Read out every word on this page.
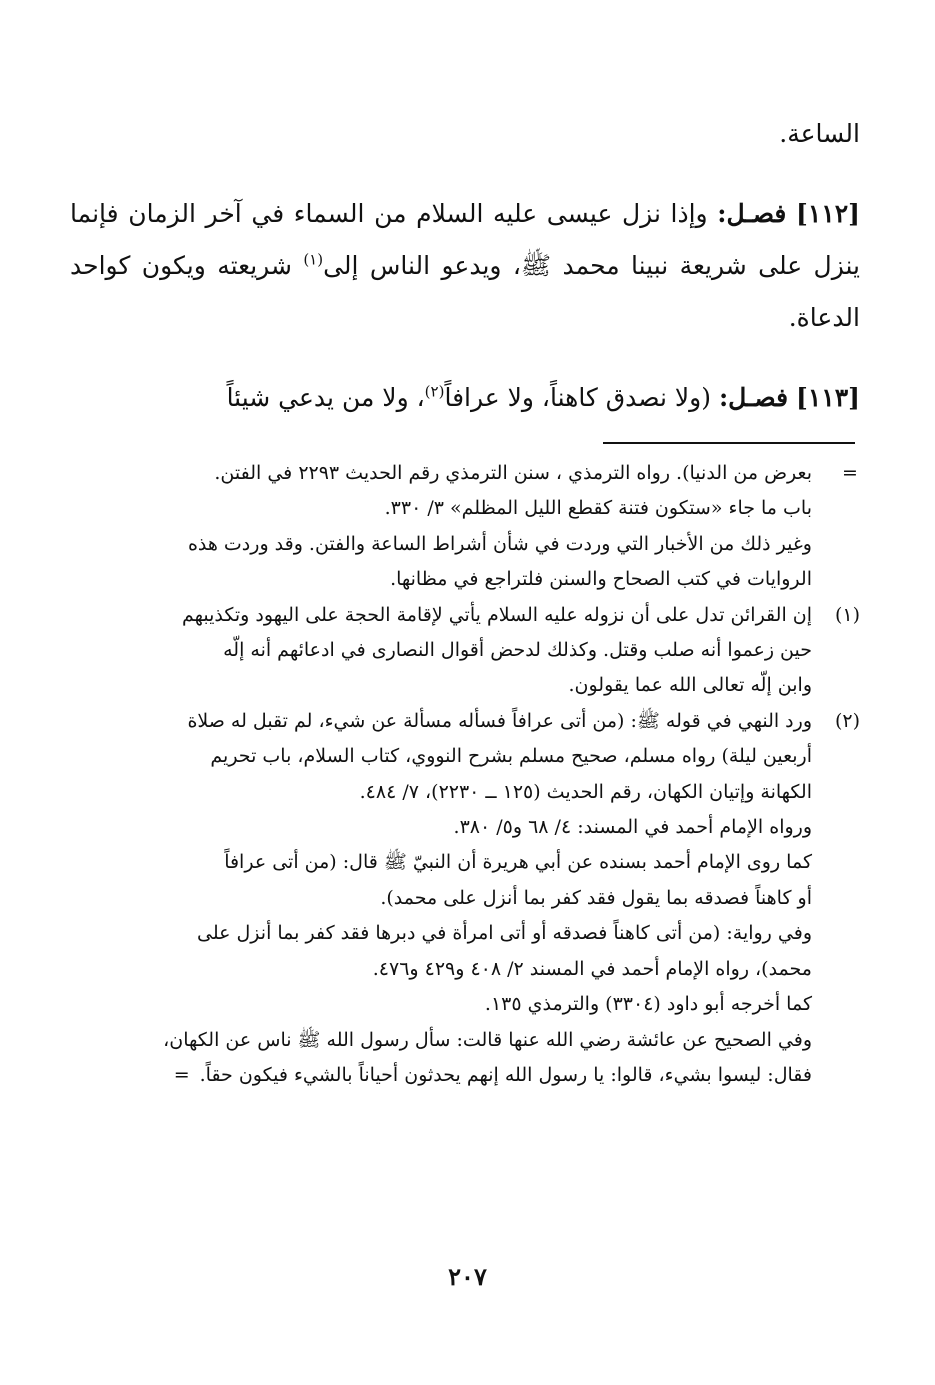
الساعة.
[١١٢] فصـل: وإذا نزل عيسى عليه السلام من السماء في آخر الزمان فإنما ينزل على شريعة نبينا محمد ﷺ، ويدعو الناس إلى$^{(١)}$ شريعته ويكون كواحد الدعاة.
[١١٣] فصـل: (ولا نصدق كاهناً، ولا عرافاً$^{(٢)}$، ولا من يدعي شيئاً
=
بعرض من الدنيا). رواه الترمذي ، سنن الترمذي رقم الحديث ٢٢٩٣ في الفتن.
باب ما جاء «ستكون فتنة كقطع الليل المظلم» ٣/ ٣٣٠.
وغير ذلك من الأخبار التي وردت في شأن أشراط الساعة والفتن. وقد وردت هذه
الروايات في كتب الصحاح والسنن فلتراجع في مظانها.
(١)
إن القرائن تدل على أن نزوله عليه السلام يأتي لإقامة الحجة على اليهود وتكذيبهم
حين زعموا أنه صلب وقتل. وكذلك لدحض أقوال النصارى في ادعائهم أنه إلّه
وابن إلّه تعالى الله عما يقولون.
(٢)
ورد النهي في قوله ﷺ: (من أتى عرافاً فسأله مسألة عن شيء، لم تقبل له صلاة
أربعين ليلة) رواه مسلم، صحيح مسلم بشرح النووي، كتاب السلام، باب تحريم
الكهانة وإتيان الكهان، رقم الحديث (١٢٥ ــ ٢٢٣٠)، ٧/ ٤٨٤.
ورواه الإمام أحمد في المسند: ٤/ ٦٨ و٥/ ٣٨٠.
كما روى الإمام أحمد بسنده عن أبي هريرة أن النبيّ ﷺ قال: (من أتى عرافاً
أو كاهناً فصدقه بما يقول فقد كفر بما أنزل على محمد).
وفي رواية: (من أتى كاهناً فصدقه أو أتى امرأة في دبرها فقد كفر بما أنزل على
محمد)، رواه الإمام أحمد في المسند ٢/ ٤٠٨ و٤٢٩ و٤٧٦.
كما أخرجه أبو داود (٣٣٠٤) والترمذي ١٣٥.
وفي الصحيح عن عائشة رضي الله عنها قالت: سأل رسول الله ﷺ ناس عن الكهان،
فقال: ليسوا بشيء، قالوا: يا رسول الله إنهم يحدثون أحياناً بالشيء فيكون حقاً.=
٢٠٧
